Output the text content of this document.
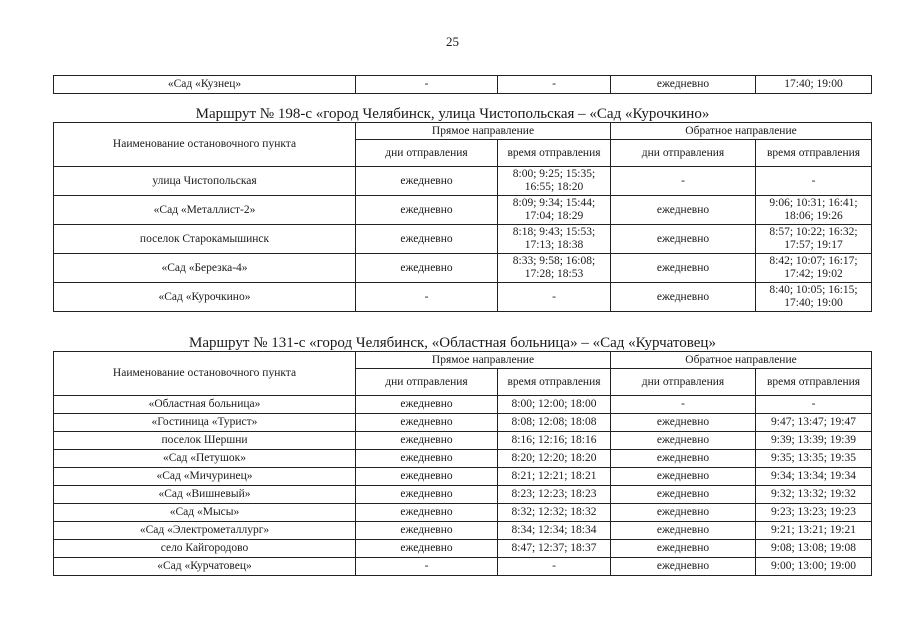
25
«Сад «Кузнец»	-	-	ежедневно	17:40; 19:00
Маршрут № 198-с «город Челябинск, улица Чистопольская – «Сад «Курочкино»
Наименование остановочного пункта	Прямое направление		Обратное направление	
	дни отправления	время отправления	дни отправления	время отправления
улица Чистопольская	ежедневно	8:00; 9:25; 15:35; 16:55; 18:20	-	-
«Сад «Металлист-2»	ежедневно	8:09; 9:34; 15:44; 17:04; 18:29	ежедневно	9:06; 10:31; 16:41; 18:06; 19:26
поселок Старокамышинск	ежедневно	8:18; 9:43; 15:53; 17:13; 18:38	ежедневно	8:57; 10:22; 16:32; 17:57; 19:17
«Сад «Березка-4»	ежедневно	8:33; 9:58; 16:08; 17:28; 18:53	ежедневно	8:42; 10:07; 16:17; 17:42; 19:02
«Сад «Курочкино»	-	-	ежедневно	8:40; 10:05; 16:15; 17:40; 19:00
Маршрут № 131-с «город Челябинск, «Областная больница» – «Сад «Курчатовец»
Наименование остановочного пункта	Прямое направление		Обратное направление	
	дни отправления	время отправления	дни отправления	время отправления
«Областная больница»	ежедневно	8:00; 12:00; 18:00	-	-
«Гостиница «Турист»	ежедневно	8:08; 12:08; 18:08	ежедневно	9:47; 13:47; 19:47
поселок Шершни	ежедневно	8:16; 12:16; 18:16	ежедневно	9:39; 13:39; 19:39
«Сад «Петушок»	ежедневно	8:20; 12:20; 18:20	ежедневно	9:35; 13:35; 19:35
«Сад «Мичуринец»	ежедневно	8:21; 12:21; 18:21	ежедневно	9:34; 13:34; 19:34
«Сад «Вишневый»	ежедневно	8:23; 12:23; 18:23	ежедневно	9:32; 13:32; 19:32
«Сад «Мысы»	ежедневно	8:32; 12:32; 18:32	ежедневно	9:23; 13:23; 19:23
«Сад «Электрометаллург»	ежедневно	8:34; 12:34; 18:34	ежедневно	9:21; 13:21; 19:21
село Кайгородово	ежедневно	8:47; 12:37; 18:37	ежедневно	9:08; 13:08; 19:08
«Сад «Курчатовец»	-	-	ежедневно	9:00; 13:00; 19:00
